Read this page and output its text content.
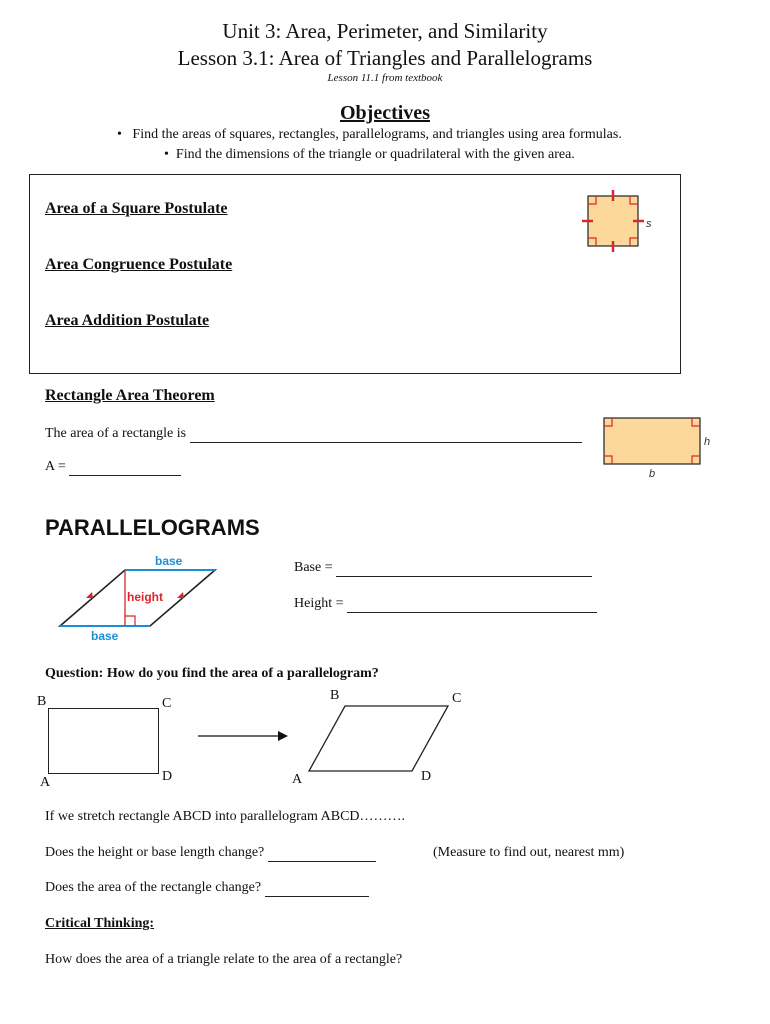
Unit 3: Area, Perimeter, and Similarity
Lesson 3.1: Area of Triangles and Parallelograms
Lesson 11.1 from textbook
Objectives
• Find the areas of squares, rectangles, parallelograms, and triangles using area formulas.
• Find the dimensions of the triangle or quadrilateral with the given area.
Area of a Square Postulate
Area Congruence Postulate
Area Addition Postulate
s
Rectangle Area Theorem
The area of a rectangle is
A =
h
b
PARALLELOGRAMS
base
height
base
Base =
Height =
Question: How do you find the area of a parallelogram?
B	C
A	D
B	C
A	D
If we stretch rectangle ABCD into parallelogram ABCD……….
Does the height or base length change?	(Measure to find out, nearest mm)
Does the area of the rectangle change?
Critical Thinking:
How does the area of a triangle relate to the area of a rectangle?
